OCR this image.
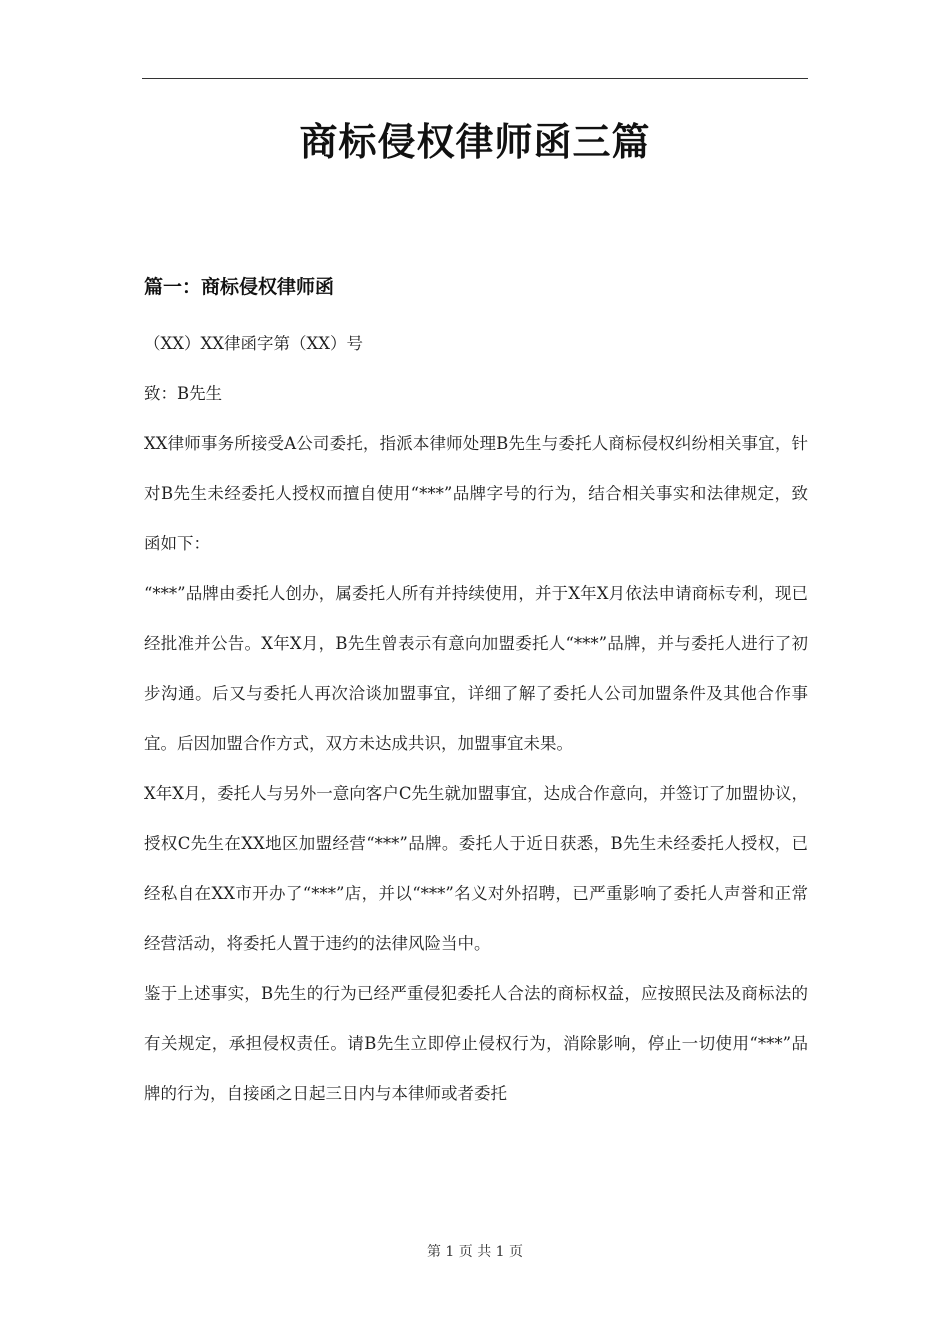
商标侵权律师函三篇
篇一：商标侵权律师函

（XX）XX律函字第（XX）号

致：B先生

XX律师事务所接受A公司委托，指派本律师处理B先生与委托人商标侵权纠纷相关事宜，针对B先生未经委托人授权而擅自使用“***”品牌字号的行为，结合相关事实和法律规定，致函如下：

“***”品牌由委托人创办，属委托人所有并持续使用，并于X年X月依法申请商标专利，现已经批准并公告。X年X月，B先生曾表示有意向加盟委托人“***”品牌，并与委托人进行了初步沟通。后又与委托人再次洽谈加盟事宜，详细了解了委托人公司加盟条件及其他合作事宜。后因加盟合作方式，双方未达成共识，加盟事宜未果。

X年X月，委托人与另外一意向客户C先生就加盟事宜，达成合作意向，并签订了加盟协议，授权C先生在XX地区加盟经营“***”品牌。委托人于近日获悉，B先生未经委托人授权，已经私自在XX市开办了“***”店，并以“***”名义对外招聘，已严重影响了委托人声誉和正常经营活动，将委托人置于违约的法律风险当中。

鉴于上述事实，B先生的行为已经严重侵犯委托人合法的商标权益，应按照民法及商标法的有关规定，承担侵权责任。请B先生立即停止侵权行为，消除影响，停止一切使用“***”品牌的行为，自接函之日起三日内与本律师或者委托

第 1 页 共 1 页
